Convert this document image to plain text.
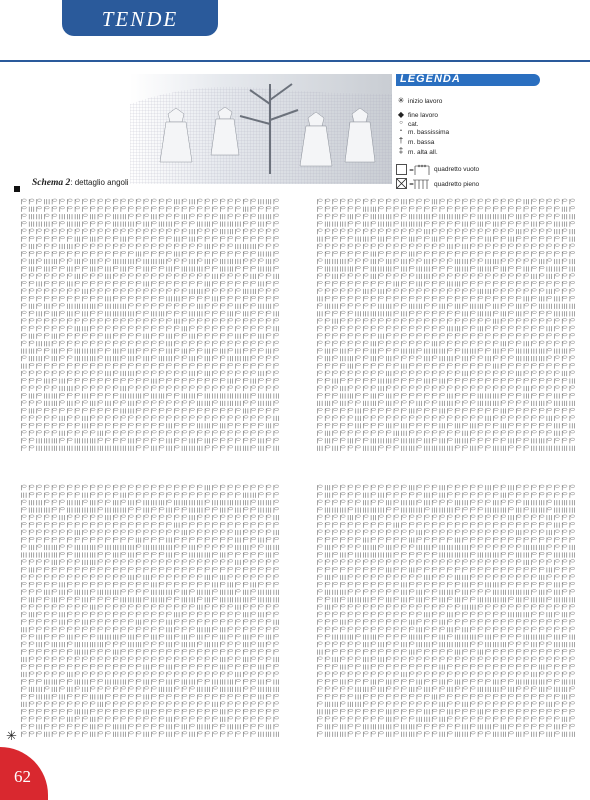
TENDE
LEGENDA
✳ inizio lavoro
◆ fine lavoro
○ cat.
• m. bassissima
† m. bassa
‡ m. alta all.
=	quadretto vuoto
=	quadretto pieno
Schema 2: dettaglio angoli
✳
62
